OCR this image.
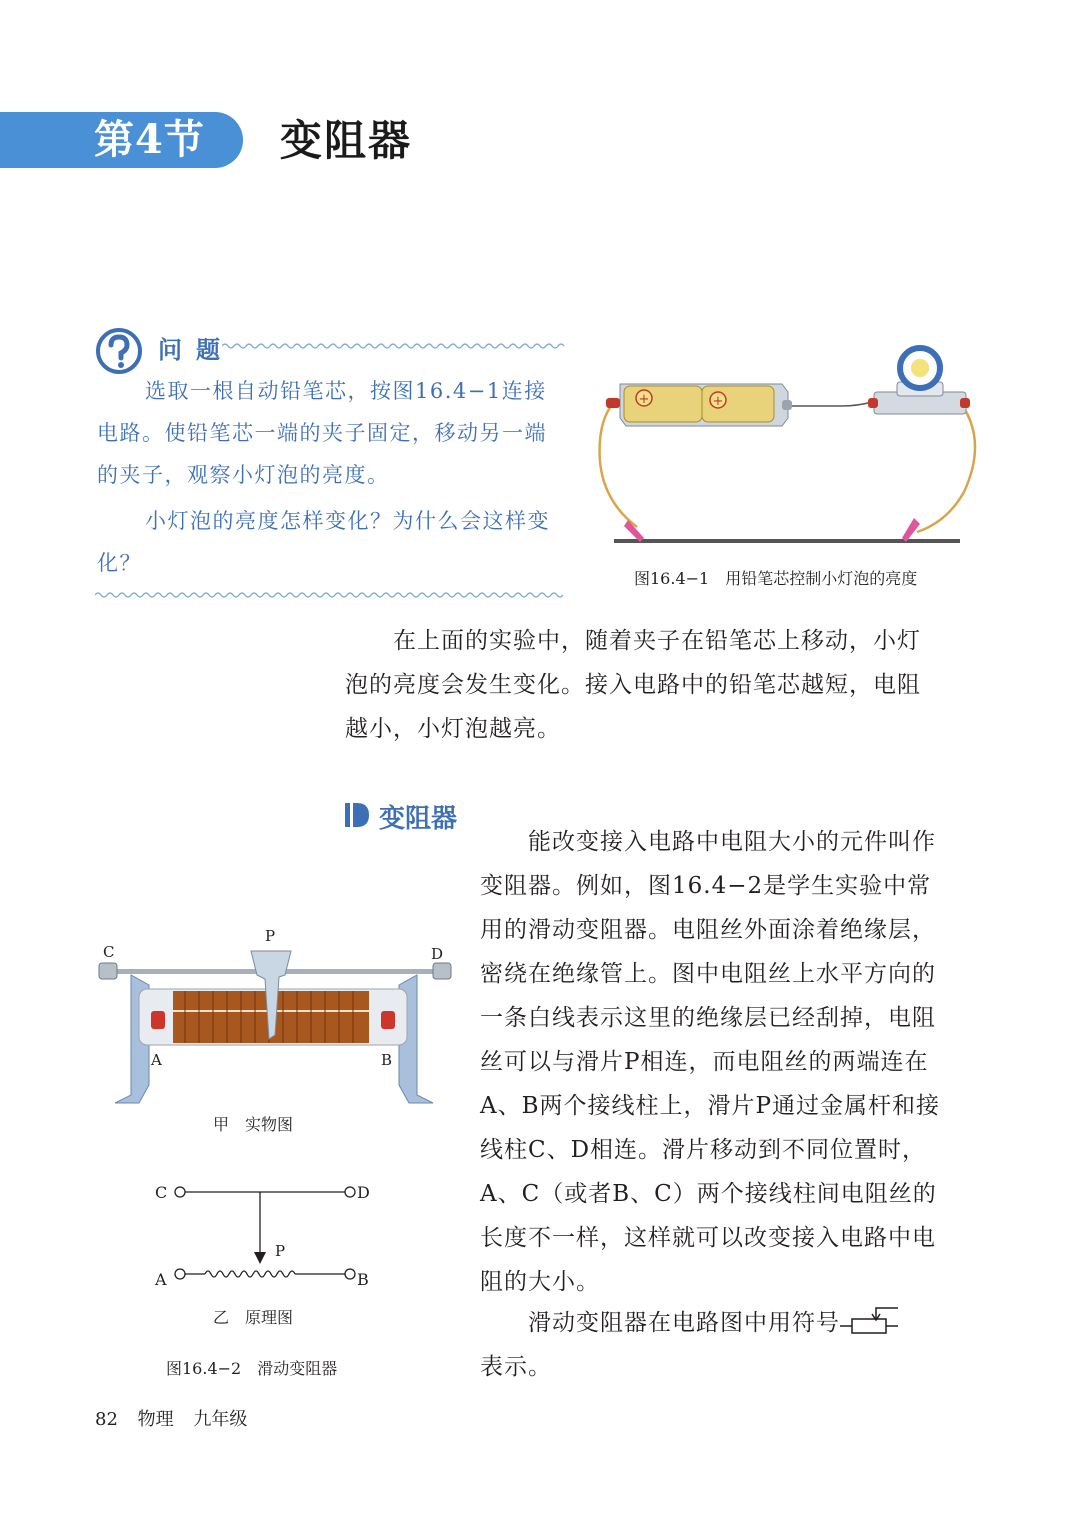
第4节 变阻器
问题
选取一根自动铅笔芯，按图16.4−1连接电路。使铅笔芯一端的夹子固定，移动另一端的夹子，观察小灯泡的亮度。
小灯泡的亮度怎样变化？为什么会这样变化？
+	+
图16.4−1　用铅笔芯控制小灯泡的亮度
在上面的实验中，随着夹子在铅笔芯上移动，小灯泡的亮度会发生变化。接入电路中的铅笔芯越短，电阻越小，小灯泡越亮。
变阻器
能改变接入电路中电阻大小的元件叫作变阻器。例如，图16.4−2是学生实验中常用的滑动变阻器。电阻丝外面涂着绝缘层，密绕在绝缘管上。图中电阻丝上水平方向的一条白线表示这里的绝缘层已经刮掉，电阻丝可以与滑片P相连，而电阻丝的两端连在A、B两个接线柱上，滑片P通过金属杆和接线柱C、D相连。滑片移动到不同位置时，A、C（或者B、C）两个接线柱间电阻丝的长度不一样，这样就可以改变接入电路中电阻的大小。
滑动变阻器在电路图中用符号
表示。
C	D
P
A	B
甲　实物图
C	D
P
A	B
乙　原理图
图16.4−2　滑动变阻器
82 物理 九年级
